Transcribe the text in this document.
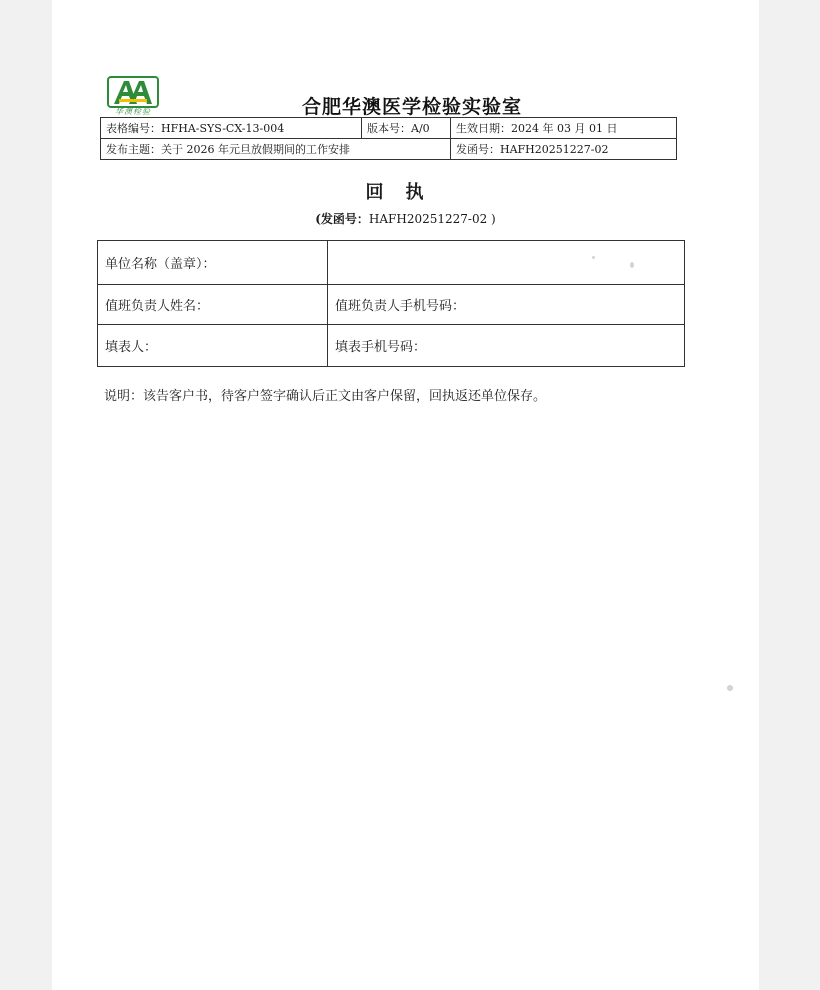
华澳检验	合肥华澳医学检验实验室
表格编号：HFHA-SYS-CX-13-004	版本号：A/0	生效日期：2024 年 03 月 01 日
发布主题：关于 2026 年元旦放假期间的工作安排		发函号：HAFH20251227-02
回执
(发函号：HAFH20251227-02 )
单位名称（盖章）：	
值班负责人姓名：	值班负责人手机号码：
填表人：	填表手机号码：
说明：该告客户书，待客户签字确认后正文由客户保留，回执返还单位保存。
